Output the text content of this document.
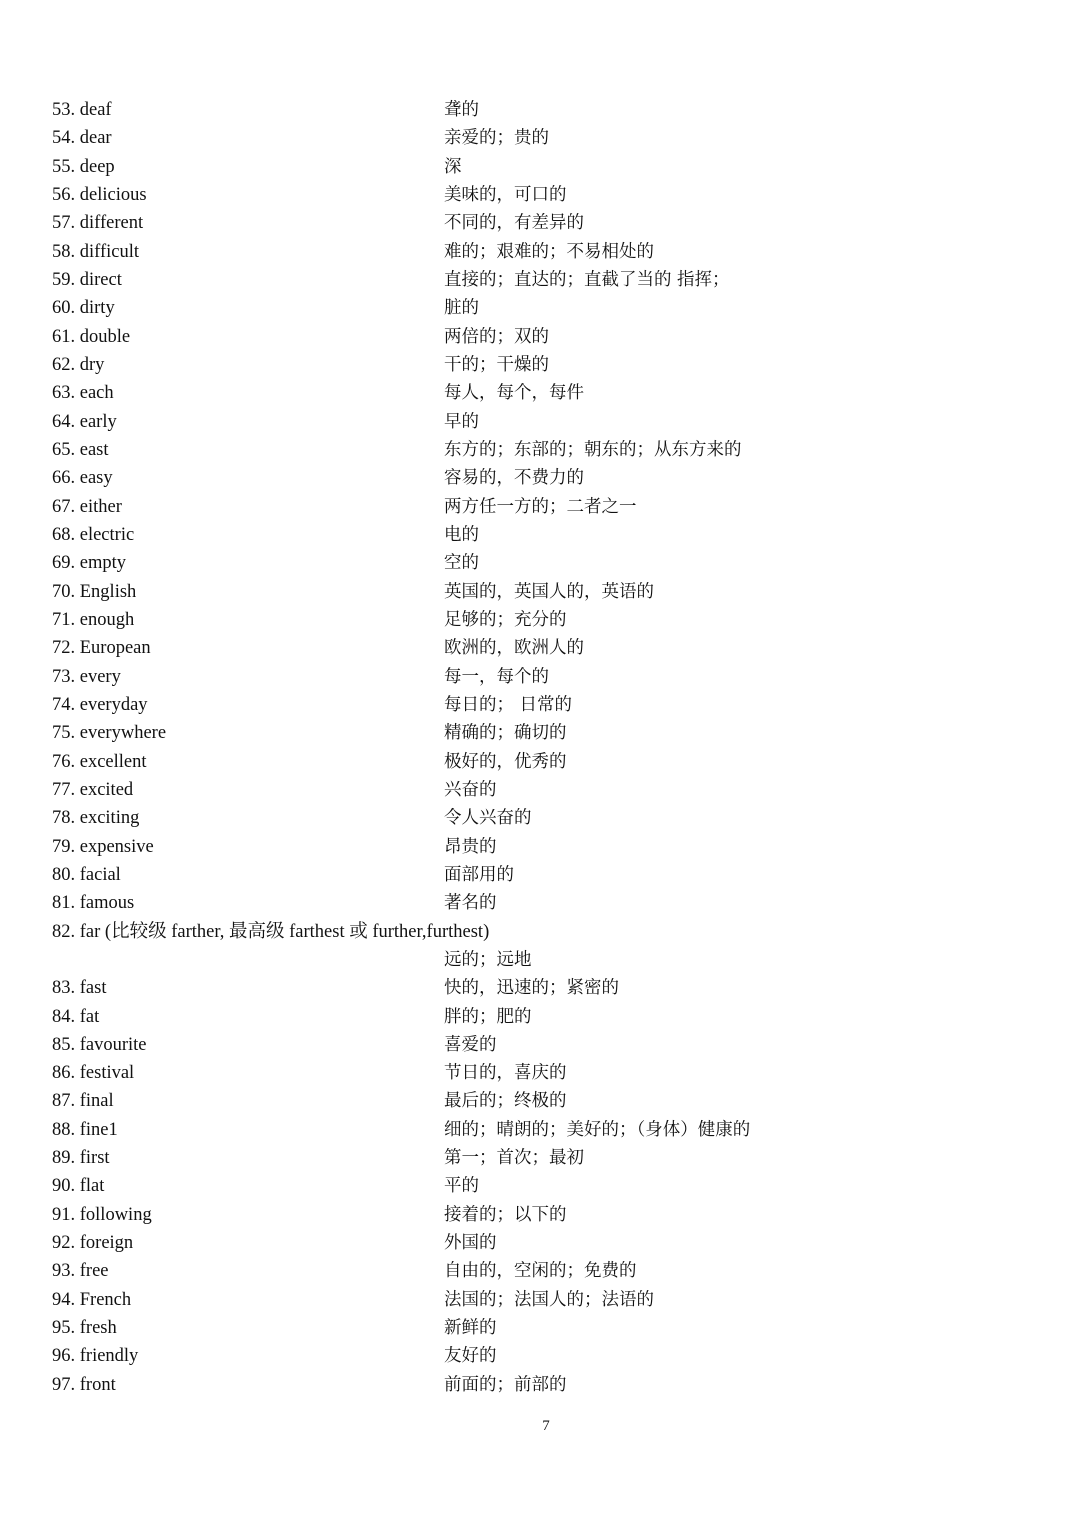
53. deaf	聋的
54. dear	亲爱的；贵的
55. deep	深
56. delicious	美味的，可口的
57. different	不同的，有差异的
58. difficult	难的；艰难的；不易相处的
59. direct	直接的；直达的；直截了当的 指挥；
60. dirty	脏的
61. double	两倍的；双的
62. dry	干的；干燥的
63. each	每人，每个，每件
64. early	早的
65. east	东方的；东部的；朝东的；从东方来的
66. easy	容易的，不费力的
67. either	两方任一方的；二者之一
68. electric	电的
69. empty	空的
70. English	英国的，英国人的，英语的
71. enough	足够的；充分的
72. European	欧洲的，欧洲人的
73. every	每一，每个的
74. everyday	每日的； 日常的
75. everywhere	精确的；确切的
76. excellent	极好的，优秀的
77. excited	兴奋的
78. exciting	令人兴奋的
79. expensive	昂贵的
80. facial	面部用的
81. famous	著名的
82. far (比较级 farther, 最高级 farthest 或 further,furthest)
远的；远地
83. fast	快的，迅速的；紧密的
84. fat	胖的；肥的
85. favourite	喜爱的
86. festival	节日的，喜庆的
87. final	最后的；终极的
88. fine1	细的；晴朗的；美好的；（身体）健康的
89. first	第一；首次；最初
90. flat	平的
91. following	接着的；以下的
92. foreign	外国的
93. free	自由的，空闲的；免费的
94. French	法国的；法国人的；法语的
95. fresh	新鲜的
96. friendly	友好的
97. front	前面的；前部的
7
